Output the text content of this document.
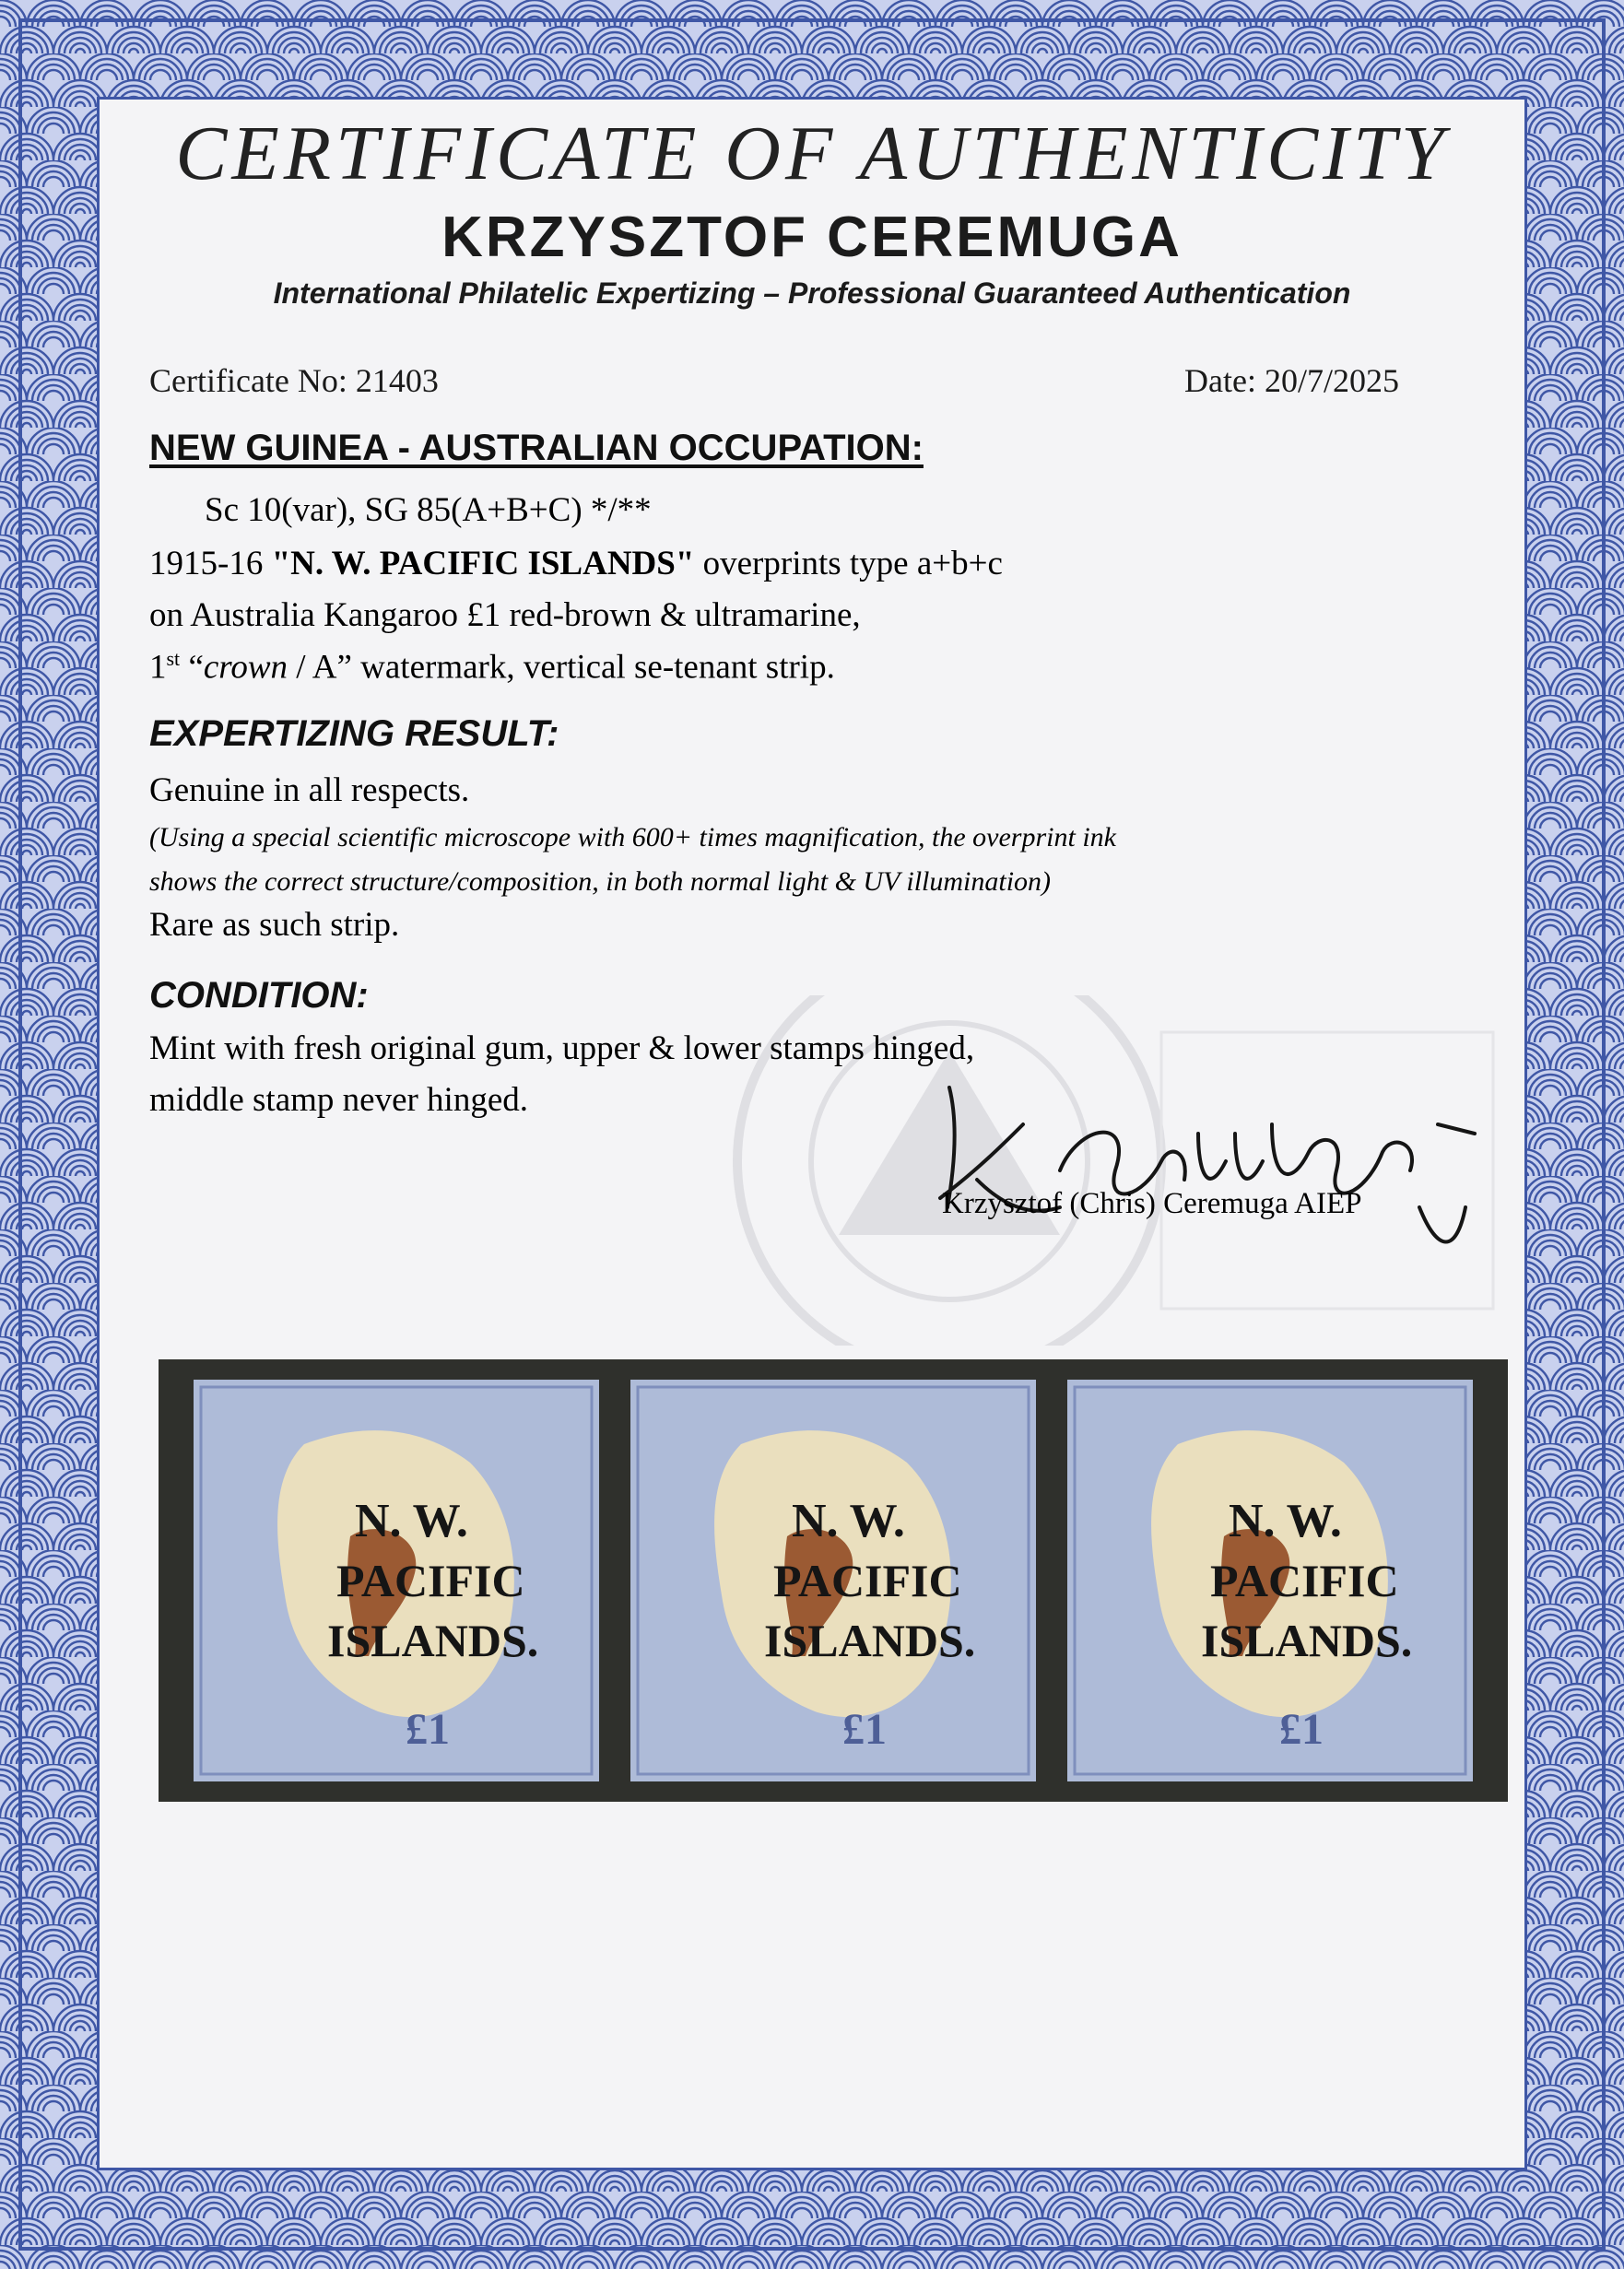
CERTIFICATE OF AUTHENTICITY
KRZYSZTOF CEREMUGA
International Philatelic Expertizing – Professional Guaranteed Authentication
Certificate No: 21403	Date: 20/7/2025
NEW GUINEA - AUSTRALIAN OCCUPATION:
Sc 10(var), SG 85(A+B+C) */**
1915-16 "N. W. PACIFIC ISLANDS" overprints type a+b+c
on Australia Kangaroo £1 red-brown & ultramarine,
1st “crown / A” watermark, vertical se-tenant strip.
EXPERTIZING RESULT:
Genuine in all respects.
(Using a special scientific microscope with 600+ times magnification, the overprint ink
shows the correct structure/composition, in both normal light & UV illumination)
Rare as such strip.
CONDITION:
Mint with fresh original gum, upper & lower stamps hinged,
middle stamp never hinged.
Krzysztof (Chris) Ceremuga AIEP
N. W.
PACIFIC
ISLANDS.
£1
N. W.
PACIFIC
ISLANDS.
£1
N. W.
PACIFIC
ISLANDS.
£1
